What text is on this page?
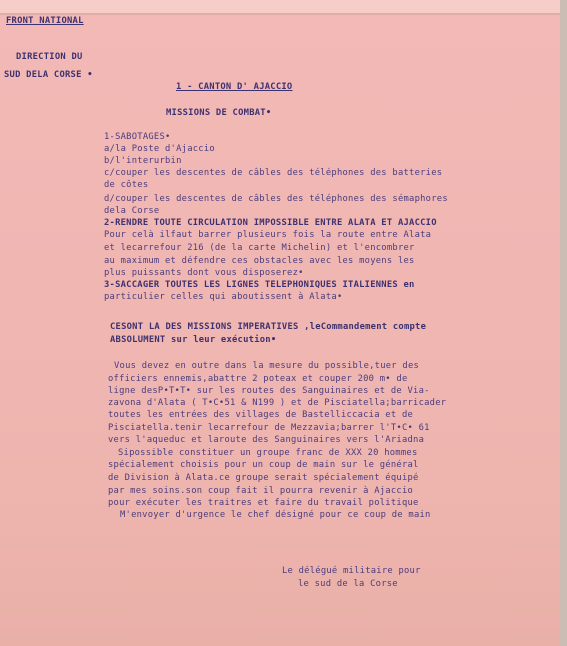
FRONT NATIONAL
DIRECTION DU
SUD DELA CORSE •
1 - CANTON D' AJACCIO
MISSIONS DE COMBAT•
1-SABOTAGES•
a/la Poste d'Ajaccio
b/l'interurbin
c/couper les descentes de câbles des téléphones des batteries
de côtes
d/couper les descentes de câbles des téléphones des sémaphores
dela Corse
2-RENDRE TOUTE CIRCULATION IMPOSSIBLE ENTRE ALATA ET AJACCIO
Pour celà ilfaut barrer plusieurs fois la route entre Alata
et lecarrefour 216 (de la carte Michelin) et l'encombrer
au maximum et défendre ces obstacles avec les moyens les
plus puissants dont vous disposerez•
3-SACCAGER TOUTES LES LIGNES TELEPHONIQUES ITALIENNES en
particulier celles qui aboutissent à Alata•
CESONT LA DES MISSIONS IMPERATIVES ,leCommandement compte
ABSOLUMENT sur leur exécution•
Vous devez en outre dans la mesure du possible,tuer des
officiers ennemis,abattre 2 poteax et couper 200 m• de
ligne desP•T•T• sur les routes des Sanguinaires et de Via-
zavona d'Alata ( T•C•51 & N199 ) et de Pisciatella;barricader
toutes les entrées des villages de Bastelliccacia et de
Pisciatella.tenir lecarrefour de Mezzavia;barrer l'T•C• 61
vers l'aqueduc et laroute des Sanguinaires vers l'Ariadna
Sipossible constituer un groupe franc de XXX 20 hommes
spécialement choisis pour un coup de main sur le général
de Division à Alata.ce groupe serait spécialement équipé
par mes soins.son coup fait il pourra revenir à Ajaccio
pour exécuter les traitres et faire du travail politique
M'envoyer d'urgence le chef désigné pour ce coup de main
Le délégué militaire pour
le sud de la Corse
